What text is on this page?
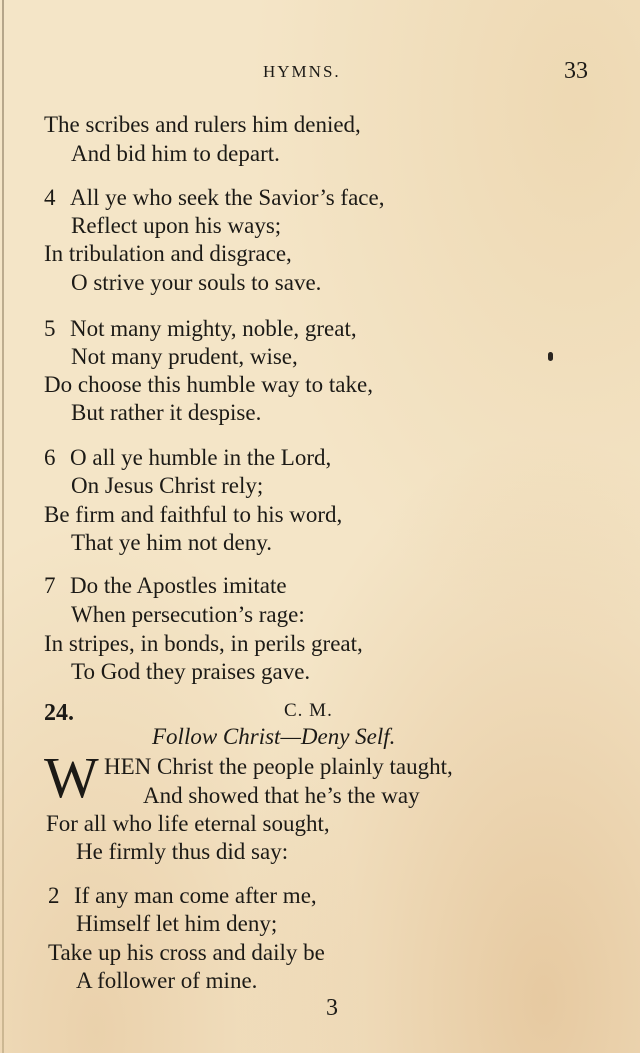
HYMNS.	33
The scribes and rulers him denied,
And bid him to depart.
4 All ye who seek the Savior’s face,
Reflect upon his ways;
In tribulation and disgrace,
O strive your souls to save.
5 Not many mighty, noble, great,
Not many prudent, wise,
Do choose this humble way to take,
But rather it despise.
6 O all ye humble in the Lord,
On Jesus Christ rely;
Be firm and faithful to his word,
That ye him not deny.
7 Do the Apostles imitate
When persecution’s rage:
In stripes, in bonds, in perils great,
To God they praises gave.
24.	C. M.
Follow Christ—Deny Self.
W HEN Christ the people plainly taught,
And showed that he’s the way
For all who life eternal sought,
He firmly thus did say:
2 If any man come after me,
Himself let him deny;
Take up his cross and daily be
A follower of mine.
3
